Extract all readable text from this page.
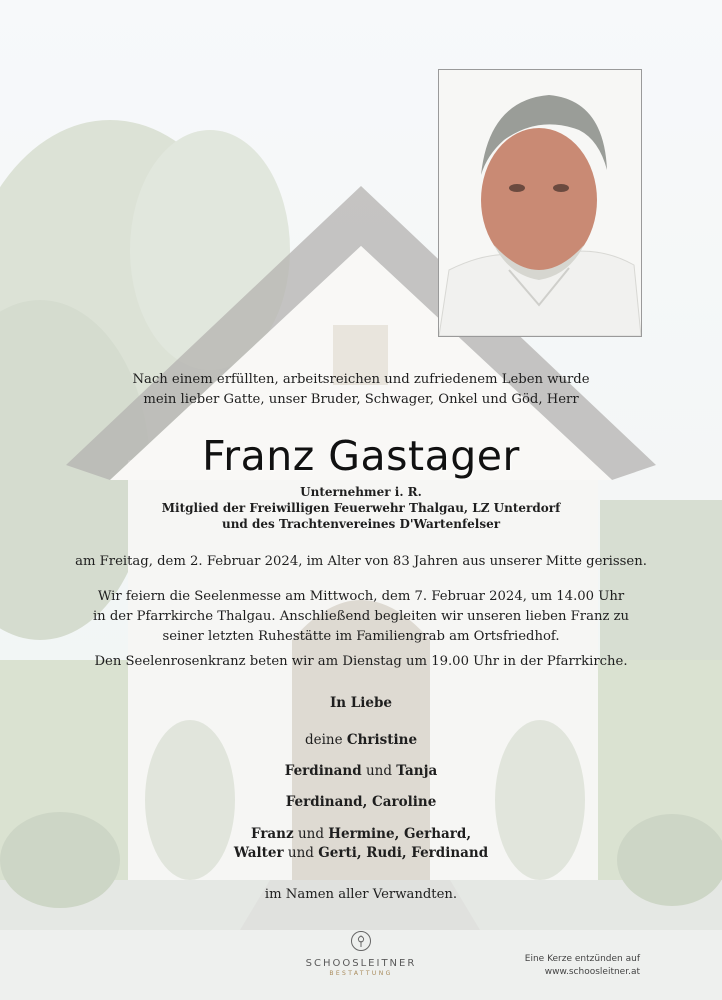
Nach einem erfüllten, arbeitsreichen und zufriedenem Leben wurde
mein lieber Gatte, unser Bruder, Schwager, Onkel und Göd, Herr
Franz Gastager
Unternehmer i. R.
Mitglied der Freiwilligen Feuerwehr Thalgau, LZ Unterdorf
und des Trachtenvereines D'Wartenfelser
am Freitag, dem 2. Februar 2024, im Alter von 83 Jahren aus unserer Mitte gerissen.
Wir feiern die Seelenmesse am Mittwoch, dem 7. Februar 2024, um 14.00 Uhr
in der Pfarrkirche Thalgau. Anschließend begleiten wir unseren lieben Franz zu
seiner letzten Ruhestätte im Familiengrab am Ortsfriedhof.
Den Seelenrosenkranz beten wir am Dienstag um 19.00 Uhr in der Pfarrkirche.
In Liebe
deine Christine
Ferdinand und Tanja
Ferdinand, Caroline
Franz und Hermine, Gerhard,
Walter und Gerti, Rudi, Ferdinand
im Namen aller Verwandten.
SCHOOSLEITNER
BESTATTUNG
Eine Kerze entzünden auf
www.schoosleitner.at
